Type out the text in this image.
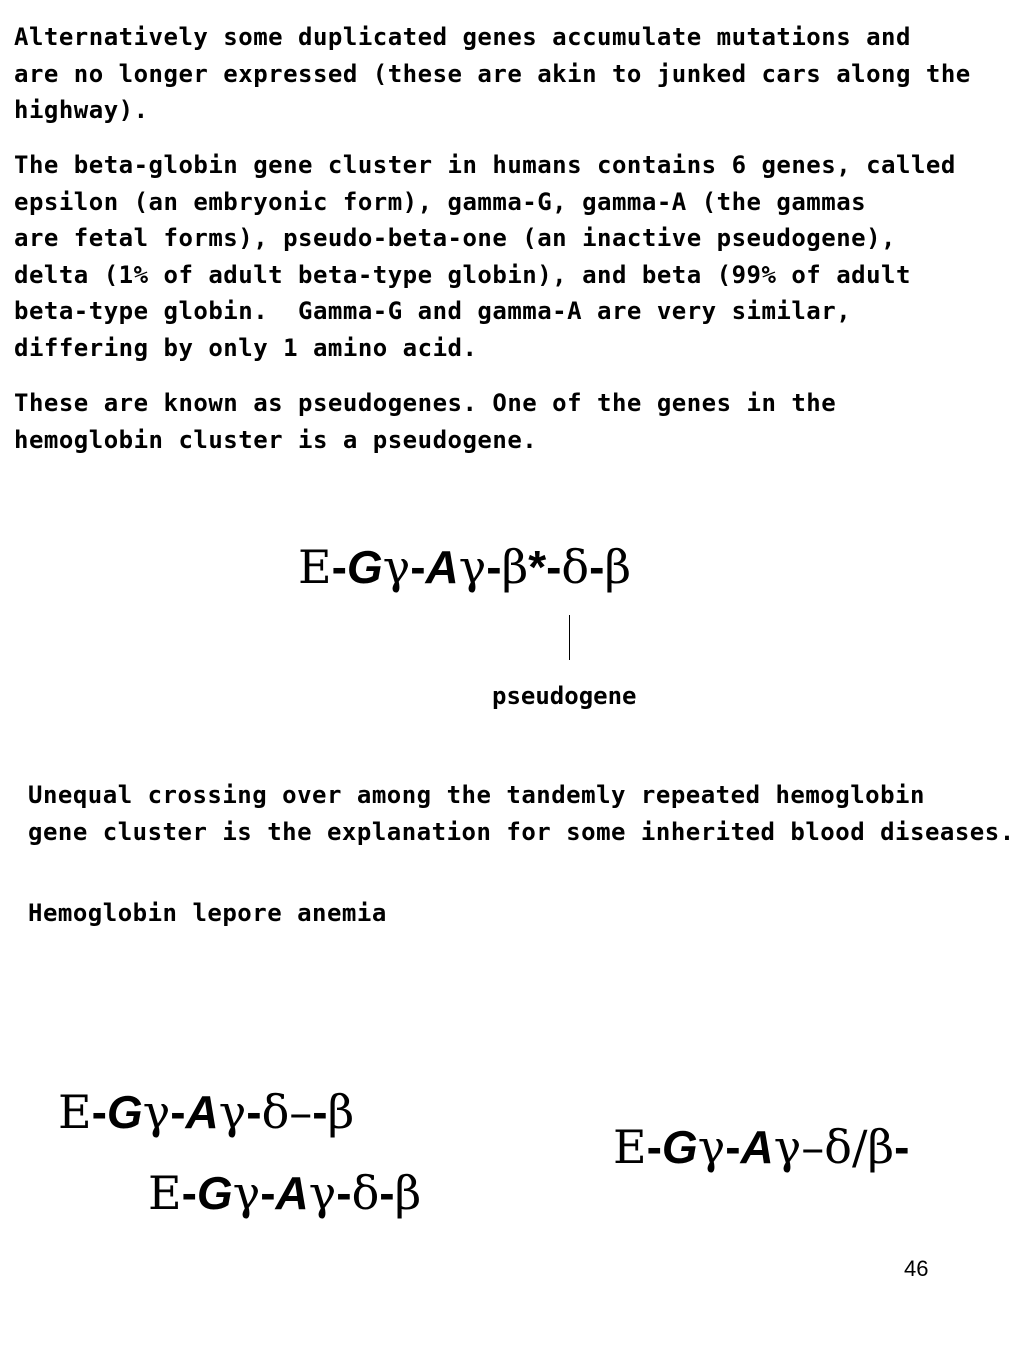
Alternatively some duplicated genes accumulate mutations and
are no longer expressed (these are akin to junked cars along the
highway).

The beta-globin gene cluster in humans contains 6 genes, called
epsilon (an embryonic form), gamma-G, gamma-A (the gammas
are fetal forms), pseudo-beta-one (an inactive pseudogene),
delta (1% of adult beta-type globin), and beta (99% of adult
beta-type globin.  Gamma-G and gamma-A are very similar,
differing by only 1 amino acid.

These are known as pseudogenes. One of the genes in the
hemoglobin cluster is a pseudogene.

E-Gγ-Aγ-β*-δ-β

pseudogene

Unequal crossing over among the tandemly repeated hemoglobin
gene cluster is the explanation for some inherited blood diseases.

Hemoglobin lepore anemia

E-Gγ-Aγ-δ–-β
E-Gγ-Aγ-δ-β
E-Gγ-Aγ–δ/β-

46
